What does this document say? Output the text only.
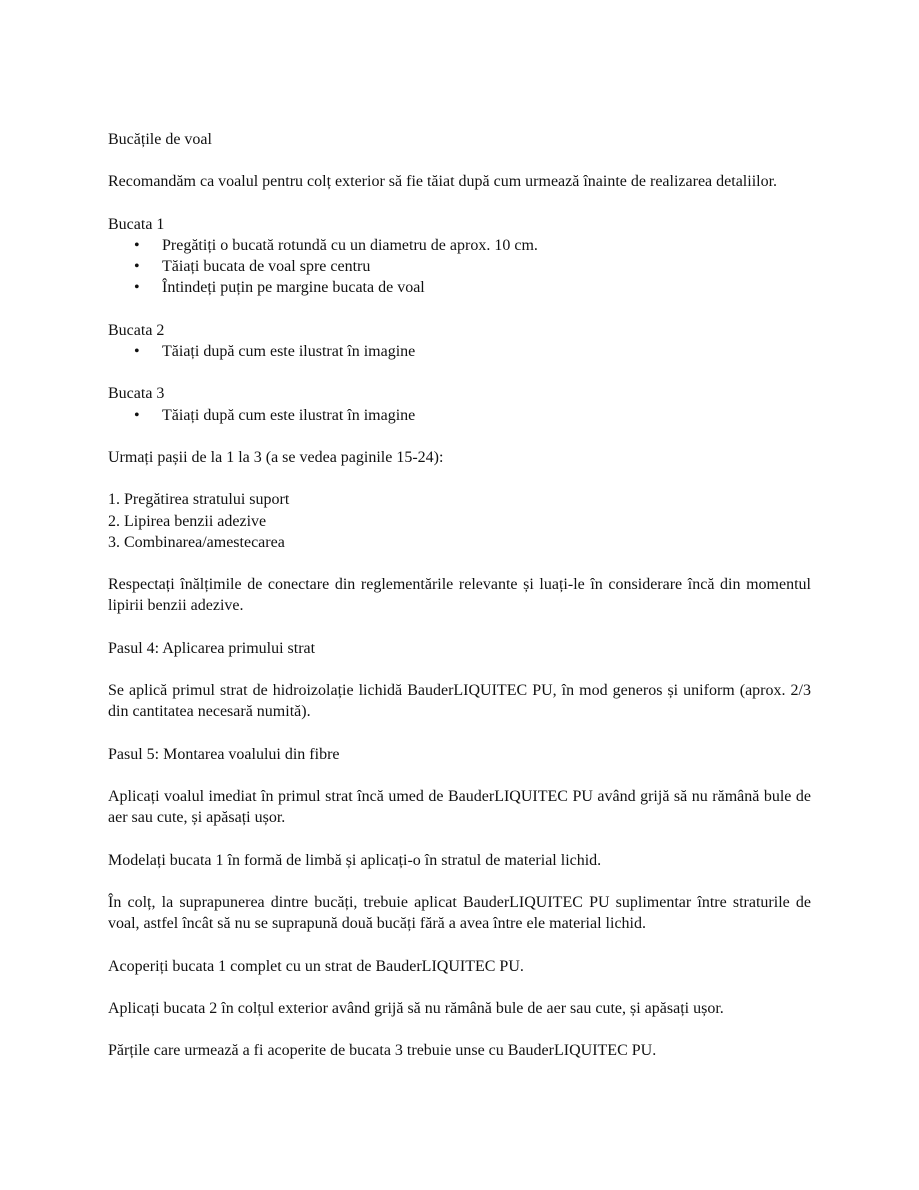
Bucățile de voal

Recomandăm ca voalul pentru colț exterior să fie tăiat după cum urmează înainte de realizarea detaliilor.

Bucata 1

• Pregătiți o bucată rotundă cu un diametru de aprox. 10 cm.
• Tăiați bucata de voal spre centru
• Întindeți puțin pe margine bucata de voal

Bucata 2

• Tăiați după cum este ilustrat în imagine

Bucata 3

• Tăiați după cum este ilustrat în imagine

Urmați pașii de la 1 la 3 (a se vedea paginile 15-24):

1. Pregătirea stratului suport
2. Lipirea benzii adezive
3. Combinarea/amestecarea

Respectați înălțimile de conectare din reglementările relevante și luați-le în considerare încă din momentul lipirii benzii adezive.

Pasul 4: Aplicarea primului strat

Se aplică primul strat de hidroizolație lichidă BauderLIQUITEC PU, în mod generos și uniform (aprox. 2/3 din cantitatea necesară numită).

Pasul 5: Montarea voalului din fibre

Aplicați voalul imediat în primul strat încă umed de BauderLIQUITEC PU având grijă să nu rămână bule de aer sau cute, și apăsați ușor.

Modelați bucata 1 în formă de limbă și aplicați-o în stratul de material lichid.

În colț, la suprapunerea dintre bucăți, trebuie aplicat BauderLIQUITEC PU suplimentar între straturile de voal, astfel încât să nu se suprapună două bucăți fără a avea între ele material lichid.

Acoperiți bucata 1 complet cu un strat de BauderLIQUITEC PU.

Aplicați bucata 2 în colțul exterior având grijă să nu rămână bule de aer sau cute, și apăsați ușor.

Părțile care urmează a fi acoperite de bucata 3 trebuie unse cu BauderLIQUITEC PU.
